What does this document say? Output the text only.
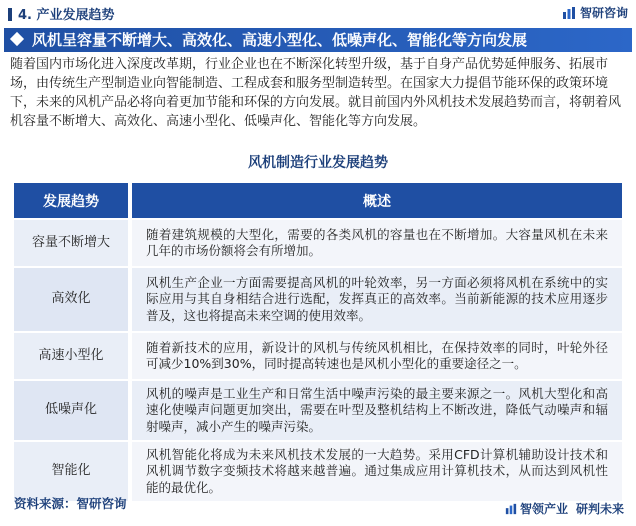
4. 产业发展趋势	智研咨询
风机呈容量不断增大、高效化、高速小型化、低噪声化、智能化等方向发展

随着国内市场化进入深度改革期，行业企业也在不断深化转型升级，基于自身产品优势延伸服务、拓展市场，由传统生产型制造业向智能制造、工程成套和服务型制造转型。在国家大力提倡节能环保的政策环境下，未来的风机产品必将向着更加节能和环保的方向发展。就目前国内外风机技术发展趋势而言，将朝着风机容量不断增大、高效化、高速小型化、低噪声化、智能化等方向发展。

风机制造行业发展趋势
发展趋势	概述
容量不断增大	随着建筑规模的大型化，需要的各类风机的容量也在不断增加。大容量风机在未来几年的市场份额将会有所增加。
高效化	风机生产企业一方面需要提高风机的叶轮效率，另一方面必须将风机在系统中的实际应用与其自身相结合进行选配，发挥真正的高效率。当前新能源的技术应用逐步普及，这也将提高未来空调的使用效率。
高速小型化	随着新技术的应用，新设计的风机与传统风机相比，在保持效率的同时，叶轮外径可减少10%到30%，同时提高转速也是风机小型化的重要途径之一。
低噪声化	风机的噪声是工业生产和日常生活中噪声污染的最主要来源之一。风机大型化和高速化使噪声问题更加突出，需要在叶型及整机结构上不断改进，降低气动噪声和辐射噪声，减小产生的噪声污染。
智能化	风机智能化将成为未来风机技术发展的一大趋势。采用CFD计算机辅助设计技术和风机调节数字变频技术将越来越普遍。通过集成应用计算机技术，从而达到风机性能的最优化。
资料来源：智研咨询	智领产业 研判未来
